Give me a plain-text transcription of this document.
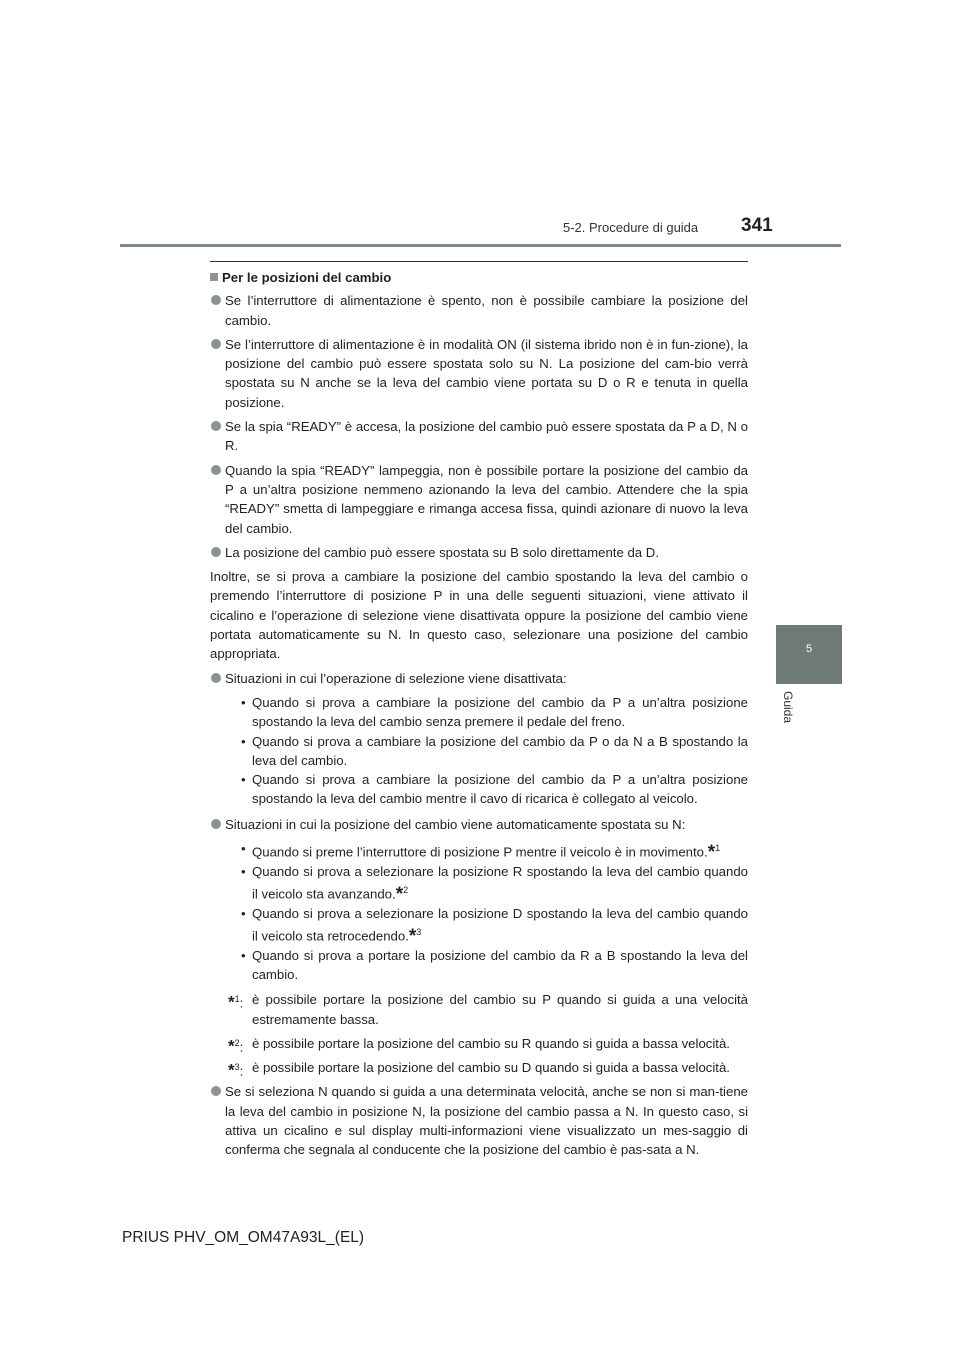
5-2. Procedure di guida 341
5
Guida
Per le posizioni del cambio
Se l’interruttore di alimentazione è spento, non è possibile cambiare la posizione del cambio.
Se l’interruttore di alimentazione è in modalità ON (il sistema ibrido non è in fun-zione), la posizione del cambio può essere spostata solo su N. La posizione del cam-bio verrà spostata su N anche se la leva del cambio viene portata su D o R e tenuta in quella posizione.
Se la spia “READY” è accesa, la posizione del cambio può essere spostata da P a D, N o R.
Quando la spia “READY” lampeggia, non è possibile portare la posizione del cambio da P a un’altra posizione nemmeno azionando la leva del cambio. Attendere che la spia “READY” smetta di lampeggiare e rimanga accesa fissa, quindi azionare di nuovo la leva del cambio.
La posizione del cambio può essere spostata su B solo direttamente da D.
Inoltre, se si prova a cambiare la posizione del cambio spostando la leva del cambio o premendo l’interruttore di posizione P in una delle seguenti situazioni, viene attivato il cicalino e l’operazione di selezione viene disattivata oppure la posizione del cambio viene portata automaticamente su N. In questo caso, selezionare una posizione del cambio appropriata.
Situazioni in cui l’operazione di selezione viene disattivata:
• Quando si prova a cambiare la posizione del cambio da P a un’altra posizione spostando la leva del cambio senza premere il pedale del freno.
• Quando si prova a cambiare la posizione del cambio da P o da N a B spostando la leva del cambio.
• Quando si prova a cambiare la posizione del cambio da P a un’altra posizione spostando la leva del cambio mentre il cavo di ricarica è collegato al veicolo.
Situazioni in cui la posizione del cambio viene automaticamente spostata su N:
• Quando si preme l’interruttore di posizione P mentre il veicolo è in movimento.*$^1$
• Quando si prova a selezionare la posizione R spostando la leva del cambio quando il veicolo sta avanzando.*$^2$
• Quando si prova a selezionare la posizione D spostando la leva del cambio quando il veicolo sta retrocedendo.*$^3$
• Quando si prova a portare la posizione del cambio da R a B spostando la leva del cambio.
*$^1$: è possibile portare la posizione del cambio su P quando si guida a una velocità estremamente bassa.
*$^2$: è possibile portare la posizione del cambio su R quando si guida a bassa velocità.
*$^3$: è possibile portare la posizione del cambio su D quando si guida a bassa velocità.
Se si seleziona N quando si guida a una determinata velocità, anche se non si man-tiene la leva del cambio in posizione N, la posizione del cambio passa a N. In questo caso, si attiva un cicalino e sul display multi-informazioni viene visualizzato un mes-saggio di conferma che segnala al conducente che la posizione del cambio è pas-sata a N.
PRIUS PHV_OM_OM47A93L_(EL)
